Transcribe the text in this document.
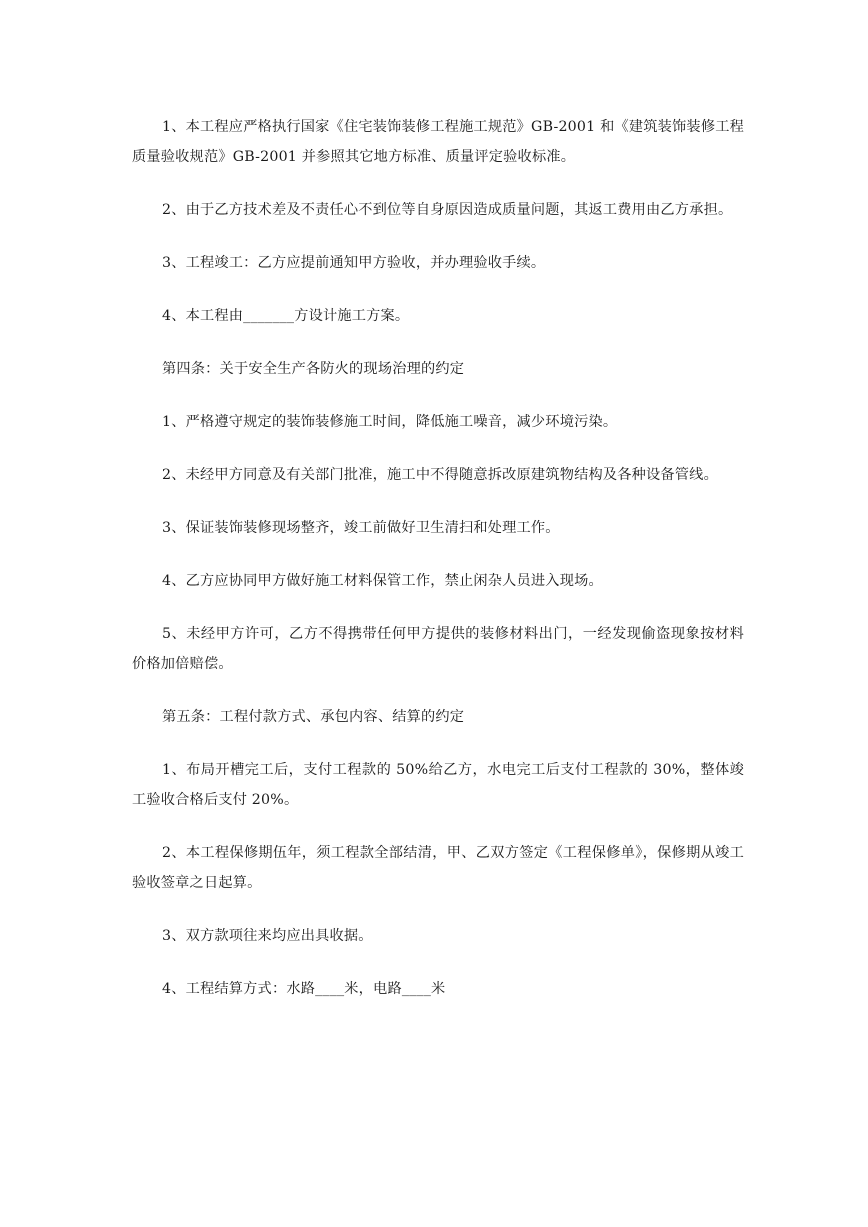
1、本工程应严格执行国家《住宅装饰装修工程施工规范》GB-2001 和《建筑装饰装修工程质量验收规范》GB-2001 并参照其它地方标准、质量评定验收标准。

2、由于乙方技术差及不责任心不到位等自身原因造成质量问题，其返工费用由乙方承担。

3、工程竣工：乙方应提前通知甲方验收，并办理验收手续。

4、本工程由_______方设计施工方案。

第四条：关于安全生产各防火的现场治理的约定

1、严格遵守规定的装饰装修施工时间，降低施工噪音，减少环境污染。

2、未经甲方同意及有关部门批准，施工中不得随意拆改原建筑物结构及各种设备管线。

3、保证装饰装修现场整齐，竣工前做好卫生清扫和处理工作。

4、乙方应协同甲方做好施工材料保管工作，禁止闲杂人员进入现场。

5、未经甲方许可，乙方不得携带任何甲方提供的装修材料出门，一经发现偷盗现象按材料价格加倍赔偿。

第五条：工程付款方式、承包内容、结算的约定

1、布局开槽完工后，支付工程款的 50%给乙方，水电完工后支付工程款的 30%，整体竣工验收合格后支付 20%。

2、本工程保修期伍年，须工程款全部结清，甲、乙双方签定《工程保修单》，保修期从竣工验收签章之日起算。

3、双方款项往来均应出具收据。

4、工程结算方式：水路____米，电路____米
